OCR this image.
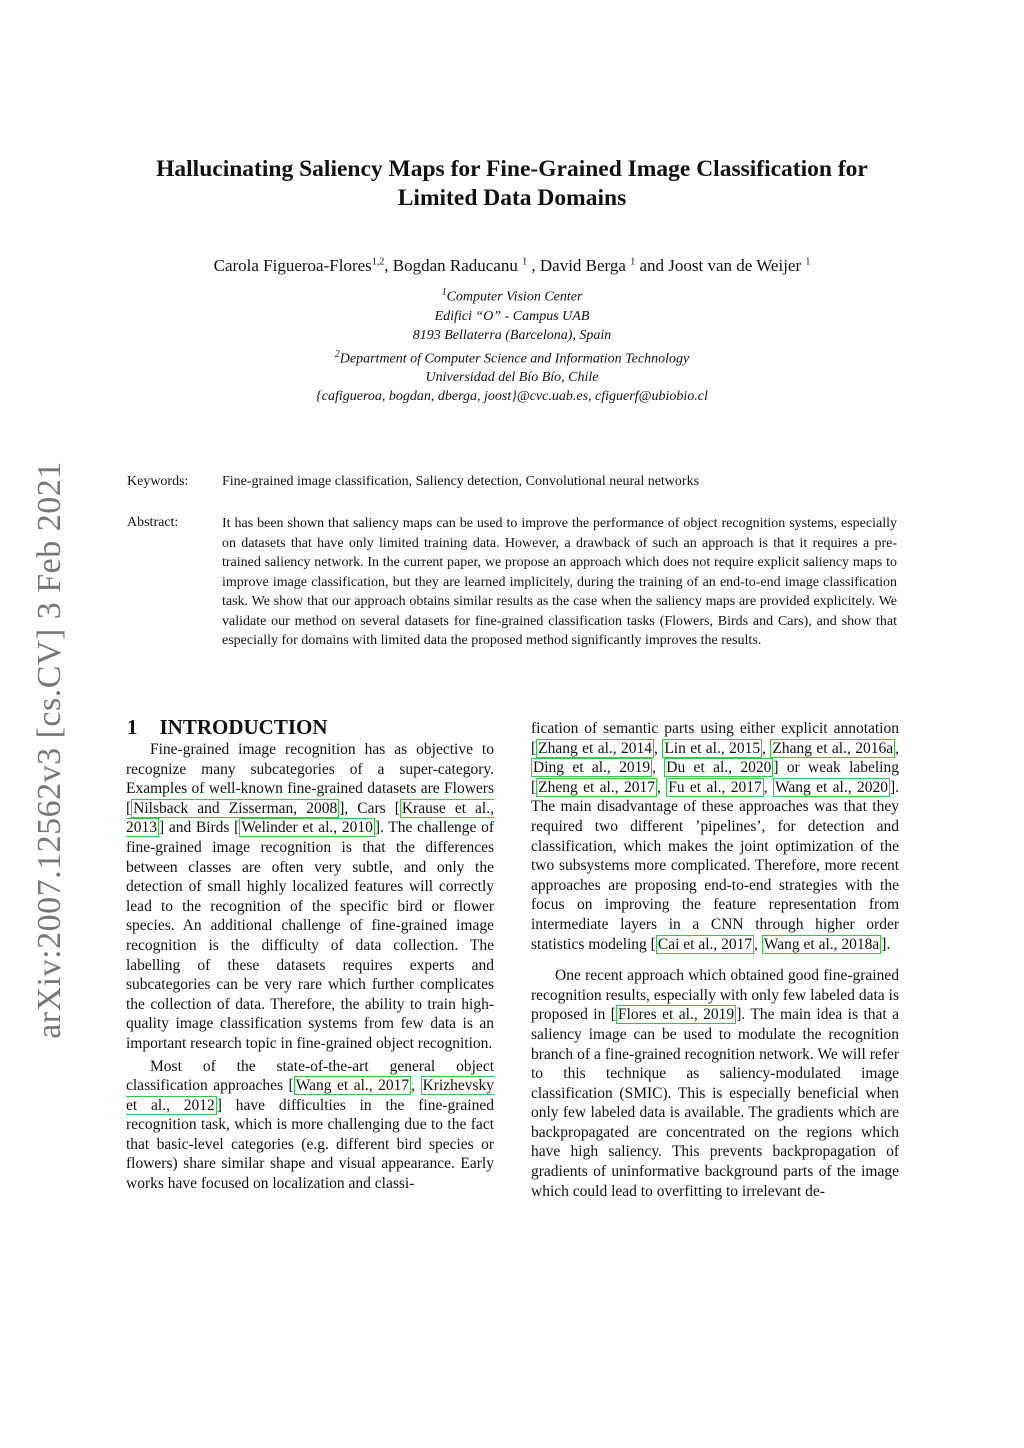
arXiv:2007.12562v3 [cs.CV] 3 Feb 2021
Hallucinating Saliency Maps for Fine-Grained Image Classification for
Limited Data Domains
Carola Figueroa-Flores$^{1,2}$, Bogdan Raducanu $^1$ , David Berga $^1$ and Joost van de Weijer $^1$
$^1$Computer Vision Center
Edifici “O” - Campus UAB
8193 Bellaterra (Barcelona), Spain
$^2$Department of Computer Science and Information Technology
Universidad del Bío Bío, Chile
{cafigueroa, bogdan, dberga, joost}@cvc.uab.es, cfiguerf@ubiobio.cl
Keywords: Fine-grained image classification, Saliency detection, Convolutional neural networks
Abstract:	It has been shown that saliency maps can be used to improve the performance of object recognition systems, especially on datasets that have only limited training data. However, a drawback of such an approach is that it requires a pre-trained saliency network. In the current paper, we propose an approach which does not require explicit saliency maps to improve image classification, but they are learned implicitely, during the training of an end-to-end image classification task. We show that our approach obtains similar results as the case when the saliency maps are provided explicitely. We validate our method on several datasets for fine-grained classification tasks (Flowers, Birds and Cars), and show that especially for domains with limited data the proposed method significantly improves the results.
1 INTRODUCTION

Fine-grained image recognition has as objective to recognize many subcategories of a super-category. Examples of well-known fine-grained datasets are Flowers [ Nilsback and Zisserman, 2008 ], Cars [ Krause et al., 2013 ] and Birds [ Welinder et al., 2010 ]. The challenge of fine-grained image recognition is that the differences between classes are often very subtle, and only the detection of small highly localized features will correctly lead to the recognition of the specific bird or flower species. An additional challenge of fine-grained image recognition is the difficulty of data collection. The labelling of these datasets requires experts and subcategories can be very rare which further complicates the collection of data. Therefore, the ability to train high-quality image classification systems from few data is an important research topic in fine-grained object recognition.

Most of the state-of-the-art general object classification approaches [ Wang et al., 2017 , Krizhevsky et al., 2012 ] have difficulties in the fine-grained recognition task, which is more challenging due to the fact that basic-level categories (e.g. different bird species or flowers) share similar shape and visual appearance. Early works have focused on localization and classi-

fication of semantic parts using either explicit annotation [ Zhang et al., 2014 , Lin et al., 2015 , Zhang et al., 2016a , Ding et al., 2019 , Du et al., 2020 ] or weak labeling [ Zheng et al., 2017 , Fu et al., 2017 , Wang et al., 2020 ]. The main disadvantage of these approaches was that they required two different ’pipelines’, for detection and classification, which makes the joint optimization of the two subsystems more complicated. Therefore, more recent approaches are proposing end-to-end strategies with the focus on improving the feature representation from intermediate layers in a CNN through higher order statistics modeling [ Cai et al., 2017 , Wang et al., 2018a ].

One recent approach which obtained good fine-grained recognition results, especially with only few labeled data is proposed in [ Flores et al., 2019 ]. The main idea is that a saliency image can be used to modulate the recognition branch of a fine-grained recognition network. We will refer to this technique as saliency-modulated image classification (SMIC). This is especially beneficial when only few labeled data is available. The gradients which are backpropagated are concentrated on the regions which have high saliency. This prevents backpropagation of gradients of uninformative background parts of the image which could lead to overfitting to irrelevant de-
